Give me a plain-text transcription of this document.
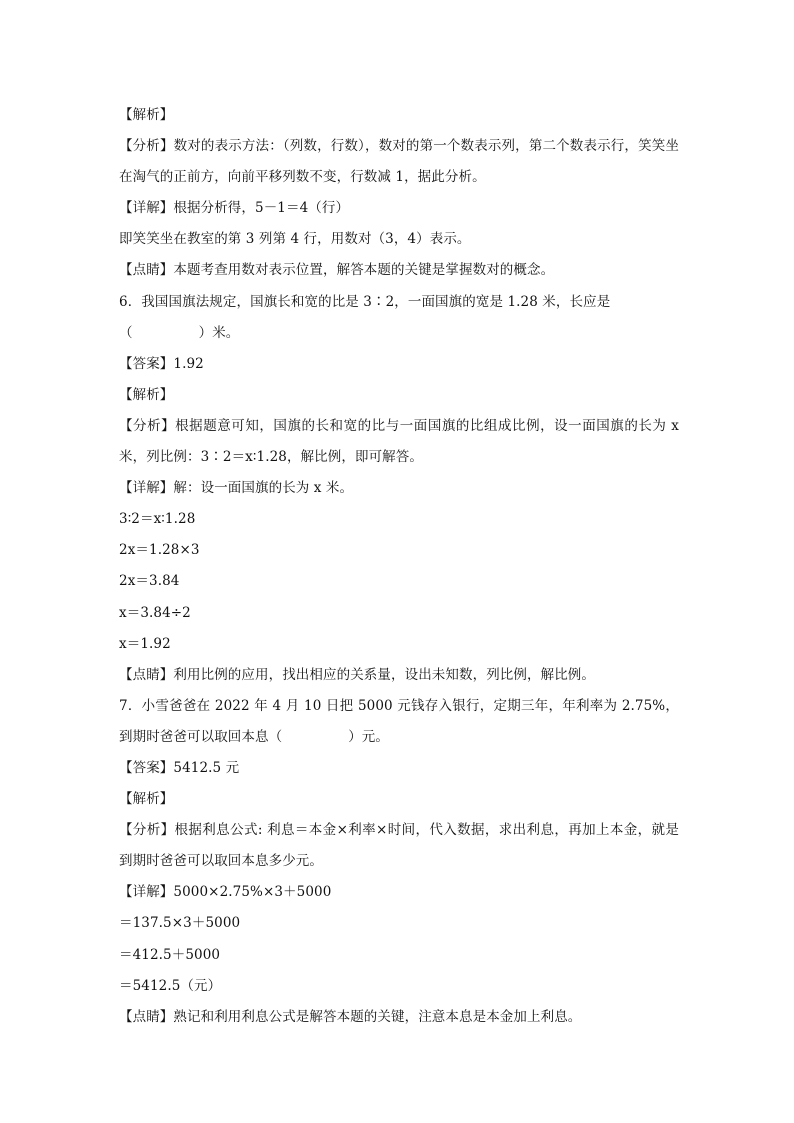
【解析】
【分析】数对的表示方法：（列数，行数），数对的第一个数表示列，第二个数表示行，笑笑坐在淘气的正前方，向前平移列数不变，行数减 1，据此分析。
【详解】根据分析得，5－1＝4（行）
即笑笑坐在教室的第 3 列第 4 行，用数对（3，4）表示。
【点睛】本题考查用数对表示位置，解答本题的关键是掌握数对的概念。
6．我国国旗法规定，国旗长和宽的比是 3∶2，一面国旗的宽是 1.28 米，长应是
（	）米。
【答案】1.92
【解析】
【分析】根据题意可知，国旗的长和宽的比与一面国旗的比组成比例，设一面国旗的长为 x 米，列比例：3∶2＝x∶1.28，解比例，即可解答。
【详解】解：设一面国旗的长为 x 米。
3∶2＝x∶1.28
2x＝1.28×3
2x＝3.84
x＝3.84÷2
x＝1.92
【点睛】利用比例的应用，找出相应的关系量，设出未知数，列比例，解比例。
7．小雪爸爸在 2022 年 4 月 10 日把 5000 元钱存入银行，定期三年，年利率为 2.75%，到期时爸爸可以取回本息（	）元。
【答案】5412.5 元
【解析】
【分析】根据利息公式: 利息＝本金×利率×时间，代入数据，求出利息，再加上本金，就是到期时爸爸可以取回本息多少元。
【详解】5000×2.75%×3＋5000
＝137.5×3＋5000
＝412.5＋5000
＝5412.5（元）
【点睛】熟记和利用利息公式是解答本题的关键，注意本息是本金加上利息。
